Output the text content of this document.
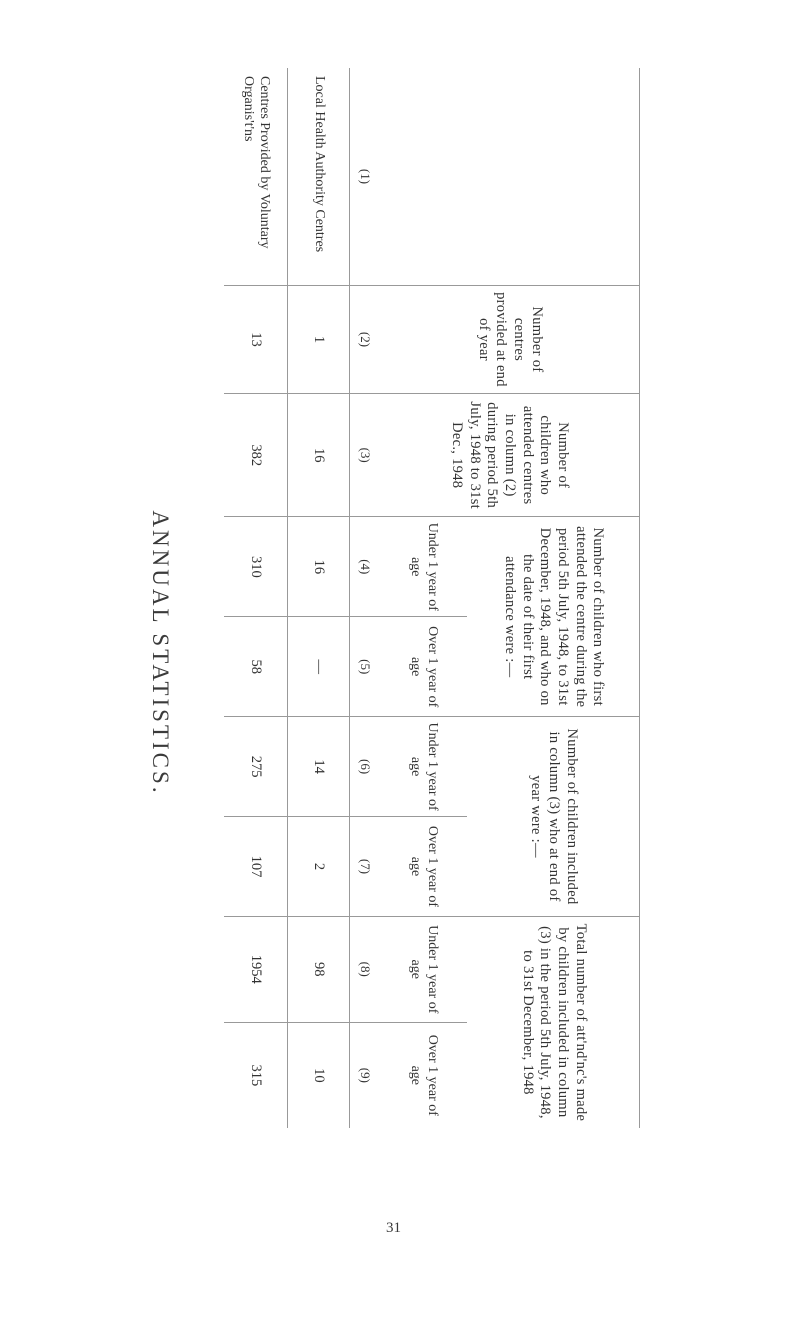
ANNUAL STATISTICS.
	Number of centres provided at end of year	Number of children who attended centres in column (2) during period 5th July, 1948 to 31st Dec., 1948	Number of children who first attended the centre during the period 5th July, 1948, to 31st December, 1948, and who on the date of their first attendance were :—		Number of children included in column (3) who at end of year were :—		Total number of att'nd'nc's made by children included in column (3) in the period 5th July, 1948, to 31st December, 1948	
			Under 1 year of age	Over 1 year of age	Under 1 year of age	Over 1 year of age	Under 1 year of age	Over 1 year of age
(1)	(2)	(3)	(4)	(5)	(6)	(7)	(8)	(9)
Local Health Authority Centres	1	16	16	—	14	2	98	10
Centres Provided by Voluntary Organis't'ns	13	382	310	58	275	107	1954	315
31
